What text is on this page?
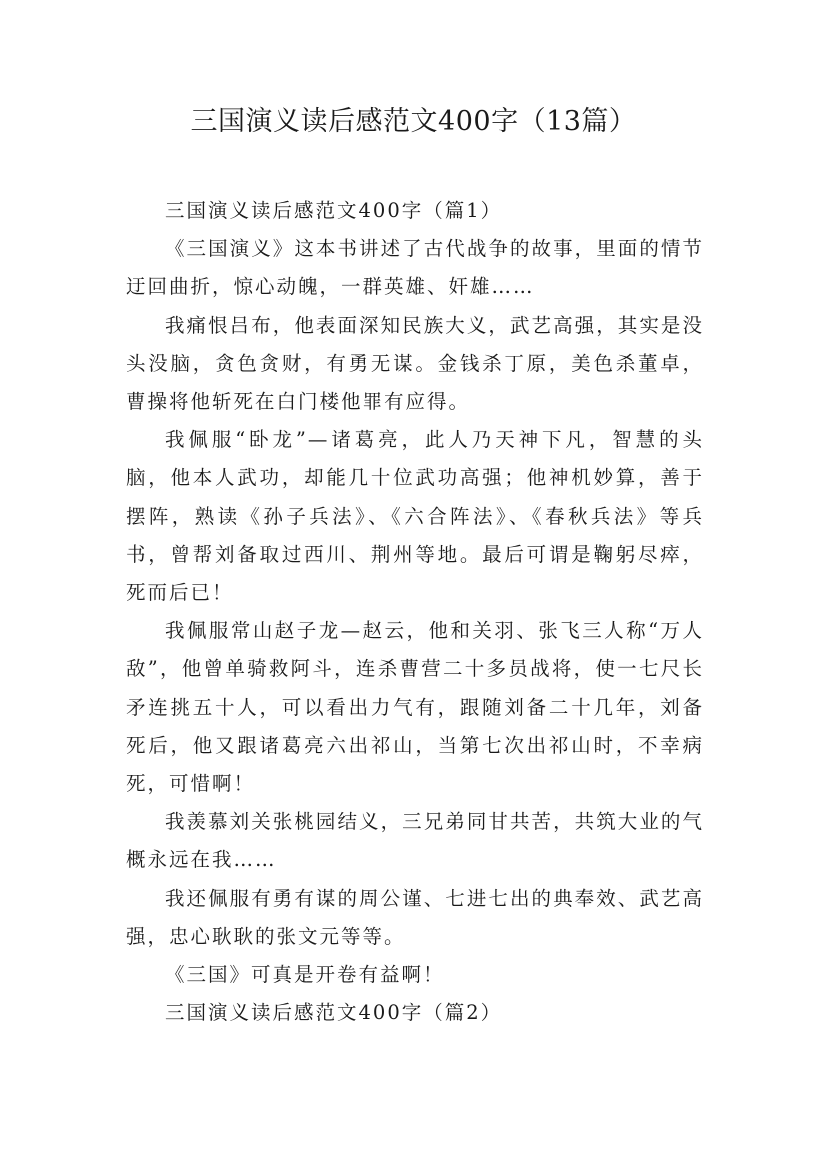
三国演义读后感范文400字（13篇）

三国演义读后感范文400字（篇1）

《三国演义》这本书讲述了古代战争的故事，里面的情节迂回曲折，惊心动魄，一群英雄、奸雄……

我痛恨吕布，他表面深知民族大义，武艺高强，其实是没头没脑，贪色贪财，有勇无谋。金钱杀丁原，美色杀董卓，曹操将他斩死在白门楼他罪有应得。

我佩服“卧龙”—诸葛亮，此人乃天神下凡，智慧的头脑，他本人武功，却能几十位武功高强；他神机妙算，善于摆阵，熟读《孙子兵法》、《六合阵法》、《春秋兵法》等兵书，曾帮刘备取过西川、荆州等地。最后可谓是鞠躬尽瘁，死而后已！

我佩服常山赵子龙—赵云，他和关羽、张飞三人称“万人敌”，他曾单骑救阿斗，连杀曹营二十多员战将，使一七尺长矛连挑五十人，可以看出力气有，跟随刘备二十几年，刘备死后，他又跟诸葛亮六出祁山，当第七次出祁山时，不幸病死，可惜啊！

我羡慕刘关张桃园结义，三兄弟同甘共苦，共筑大业的气概永远在我……

我还佩服有勇有谋的周公谨、七进七出的典奉效、武艺高强，忠心耿耿的张文元等等。

《三国》可真是开卷有益啊！

三国演义读后感范文400字（篇2）
